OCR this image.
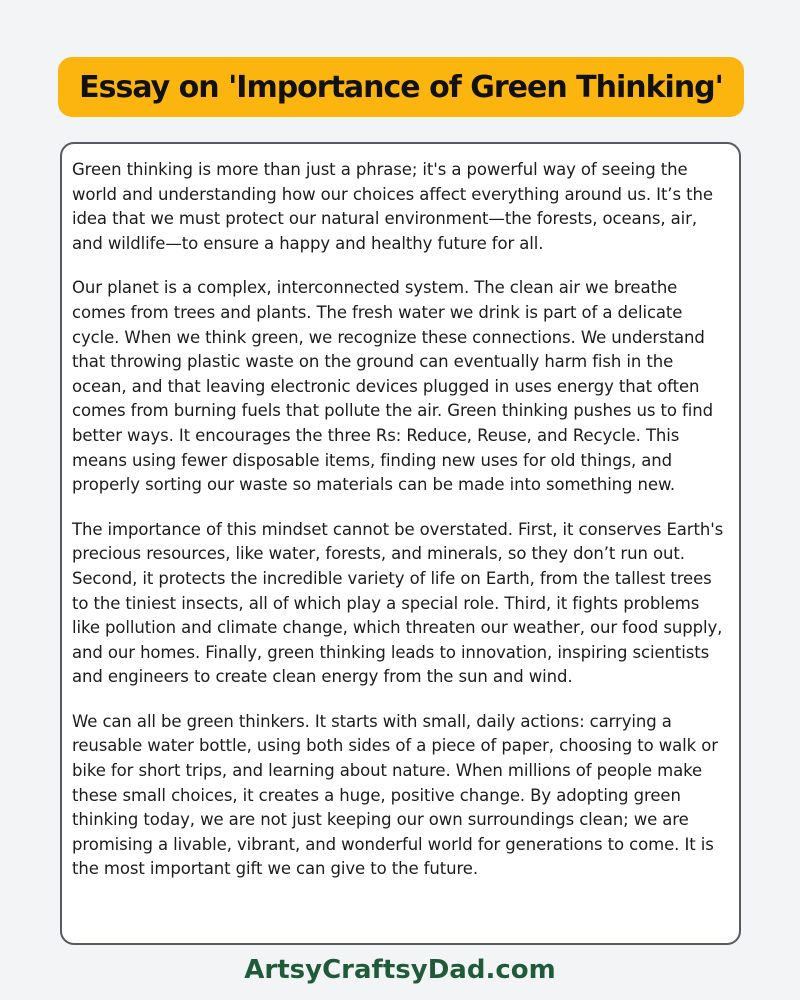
Essay on 'Importance of Green Thinking'

Green thinking is more than just a phrase; it's a powerful way of seeing the world and understanding how our choices affect everything around us. It’s the idea that we must protect our natural environment—the forests, oceans, air, and wildlife—to ensure a happy and healthy future for all.

Our planet is a complex, interconnected system. The clean air we breathe comes from trees and plants. The fresh water we drink is part of a delicate cycle. When we think green, we recognize these connections. We understand that throwing plastic waste on the ground can eventually harm fish in the ocean, and that leaving electronic devices plugged in uses energy that often comes from burning fuels that pollute the air. Green thinking pushes us to find better ways. It encourages the three Rs: Reduce, Reuse, and Recycle. This means using fewer disposable items, finding new uses for old things, and properly sorting our waste so materials can be made into something new.

The importance of this mindset cannot be overstated. First, it conserves Earth's precious resources, like water, forests, and minerals, so they don’t run out. Second, it protects the incredible variety of life on Earth, from the tallest trees to the tiniest insects, all of which play a special role. Third, it fights problems like pollution and climate change, which threaten our weather, our food supply, and our homes. Finally, green thinking leads to innovation, inspiring scientists and engineers to create clean energy from the sun and wind.

We can all be green thinkers. It starts with small, daily actions: carrying a reusable water bottle, using both sides of a piece of paper, choosing to walk or bike for short trips, and learning about nature. When millions of people make these small choices, it creates a huge, positive change. By adopting green thinking today, we are not just keeping our own surroundings clean; we are promising a livable, vibrant, and wonderful world for generations to come. It is the most important gift we can give to the future.

ArtsyCraftsyDad.com
